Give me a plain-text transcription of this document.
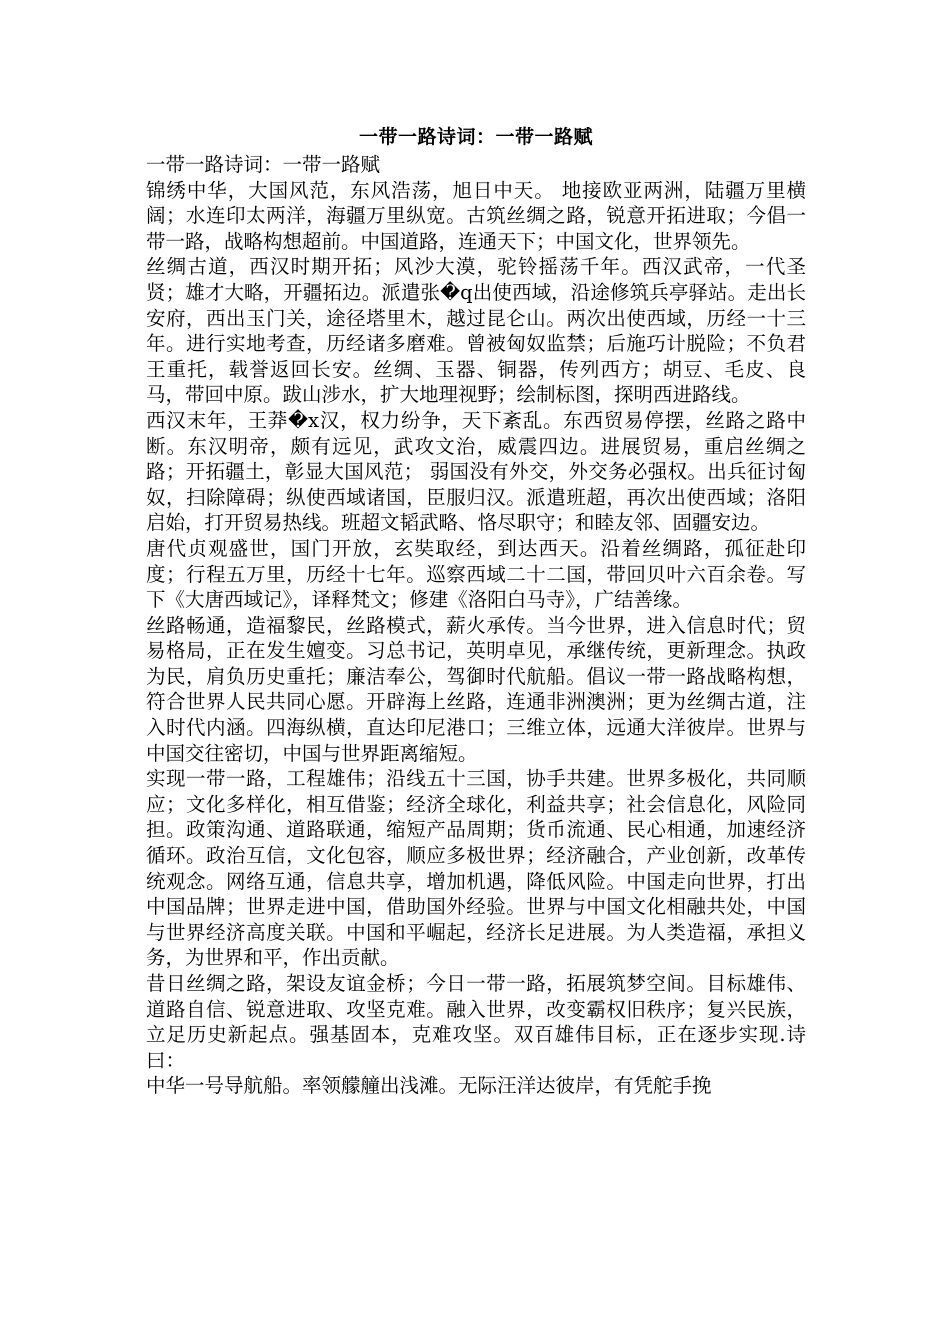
一带一路诗词：一带一路赋

一带一路诗词：一带一路赋

锦绣中华，大国风范，东风浩荡，旭日中天。 地接欧亚两洲，陆疆万里横阔；水连印太两洋，海疆万里纵宽。古筑丝绸之路，锐意开拓进取；今倡一带一路，战略构想超前。中国道路，连通天下；中国文化，世界领先。

丝绸古道，西汉时期开拓；风沙大漠，驼铃摇荡千年。西汉武帝，一代圣贤；雄才大略，开疆拓边。派遣张�q出使西域，沿途修筑兵亭驿站。走出长安府，西出玉门关，途径塔里木，越过昆仑山。两次出使西域，历经一十三年。进行实地考查，历经诸多磨难。曾被匈奴监禁；后施巧计脱险；不负君王重托，载誉返回长安。丝绸、玉器、铜器，传列西方；胡豆、毛皮、良马，带回中原。跋山涉水，扩大地理视野；绘制标图，探明西进路线。

西汉末年，王莽�x汉，权力纷争，天下紊乱。东西贸易停摆，丝路之路中断。东汉明帝，颇有远见，武攻文治，威震四边。进展贸易，重启丝绸之路；开拓疆土，彰显大国风范； 弱国没有外交，外交务必强权。出兵征讨匈奴，扫除障碍；纵使西域诸国，臣服归汉。派遣班超，再次出使西域；洛阳启始，打开贸易热线。班超文韬武略、恪尽职守；和睦友邻、固疆安边。

唐代贞观盛世，国门开放，玄奘取经，到达西天。沿着丝绸路，孤征赴印度；行程五万里，历经十七年。巡察西域二十二国，带回贝叶六百余卷。写下《大唐西域记》，译释梵文；修建《洛阳白马寺》，广结善缘。

丝路畅通，造福黎民，丝路模式，薪火承传。当今世界，进入信息时代；贸易格局，正在发生嬗变。习总书记，英明卓见，承继传统，更新理念。执政为民，肩负历史重托；廉洁奉公，驾御时代航船。倡议一带一路战略构想，符合世界人民共同心愿。开辟海上丝路，连通非洲澳洲；更为丝绸古道，注入时代内涵。四海纵横，直达印尼港口；三维立体，远通大洋彼岸。世界与中国交往密切，中国与世界距离缩短。

实现一带一路，工程雄伟；沿线五十三国，协手共建。世界多极化，共同顺应；文化多样化，相互借鉴；经济全球化，利益共享；社会信息化，风险同担。政策沟通、道路联通，缩短产品周期；货币流通、民心相通，加速经济循环。政治互信，文化包容，顺应多极世界；经济融合，产业创新，改革传统观念。网络互通，信息共享，增加机遇，降低风险。中国走向世界，打出中国品牌；世界走进中国，借助国外经验。世界与中国文化相融共处，中国与世界经济高度关联。中国和平崛起，经济长足进展。为人类造福，承担义务，为世界和平，作出贡献。

昔日丝绸之路，架设友谊金桥；今日一带一路，拓展筑梦空间。目标雄伟、道路自信、锐意进取、攻坚克难。融入世界，改变霸权旧秩序；复兴民族，立足历史新起点。强基固本，克难攻坚。双百雄伟目标，正在逐步实现.诗曰：

中华一号导航船。率领艨艟出浅滩。无际汪洋达彼岸，有凭舵手挽
